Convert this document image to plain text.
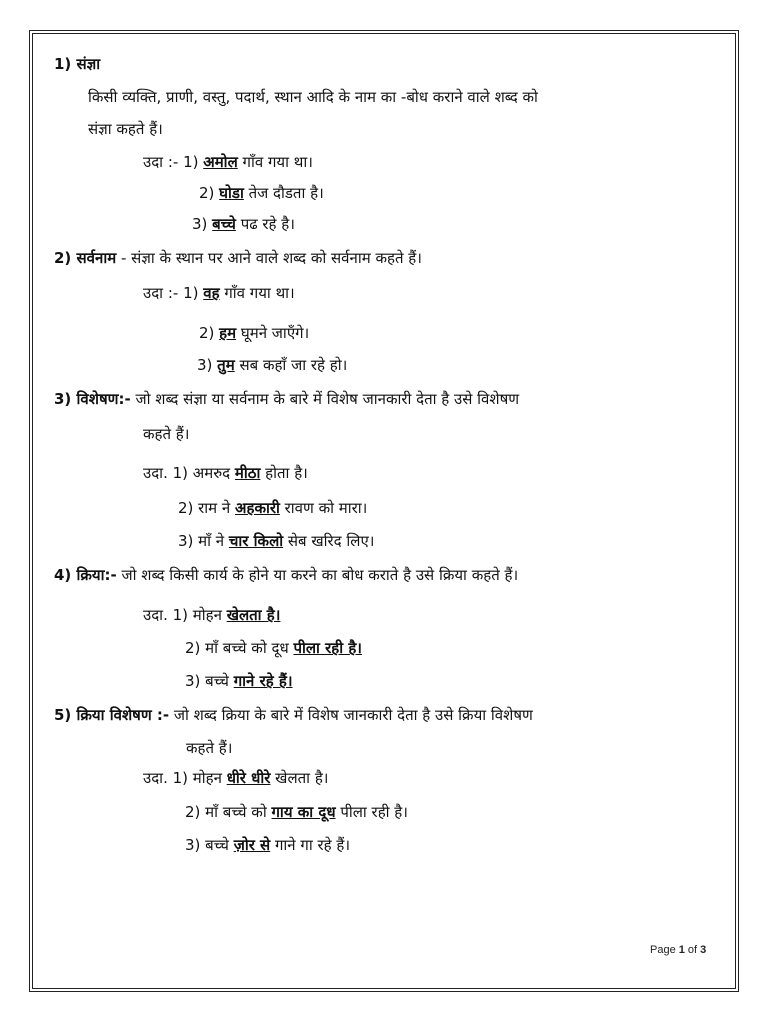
1) संज्ञा
किसी व्यक्ति, प्राणी, वस्तु, पदार्थ, स्थान आदि के नाम का -बोध कराने वाले शब्द को
संज्ञा कहते हैं।
उदा :- 1) अमोल गाँव गया था।
2) घोडा तेज दौडता है।
3) बच्चे पढ रहे है।
2) सर्वनाम - संज्ञा के स्थान पर आने वाले शब्द को सर्वनाम कहते हैं।
उदा :- 1) वह गाँव गया था।
2) हम घूमने जाएँगे।
3) तुम सब कहाँ जा रहे हो।
3) विशेषण:- जो शब्द संज्ञा या सर्वनाम के बारे में विशेष जानकारी देता है उसे विशेषण
कहते हैं।
उदा. 1) अमरुद मीठा होता है।
2) राम ने अहकारी रावण को मारा।
3) माँ ने चार किलो सेब खरिद लिए।
4) क्रिया:- जो शब्द किसी कार्य के होने या करने का बोध कराते है उसे क्रिया कहते हैं।
उदा. 1) मोहन खेलता है।
2) माँ बच्चे को दूध पीला रही है।
3) बच्चे गाने रहे हैं।
5) क्रिया विशेषण :- जो शब्द क्रिया के बारे में विशेष जानकारी देता है उसे क्रिया विशेषण
कहते हैं।
उदा. 1) मोहन धीरे धीरे खेलता है।
2) माँ बच्चे को गाय का दूध पीला रही है।
3) बच्चे ज़ोर से गाने गा रहे हैं।
Page 1 of 3
